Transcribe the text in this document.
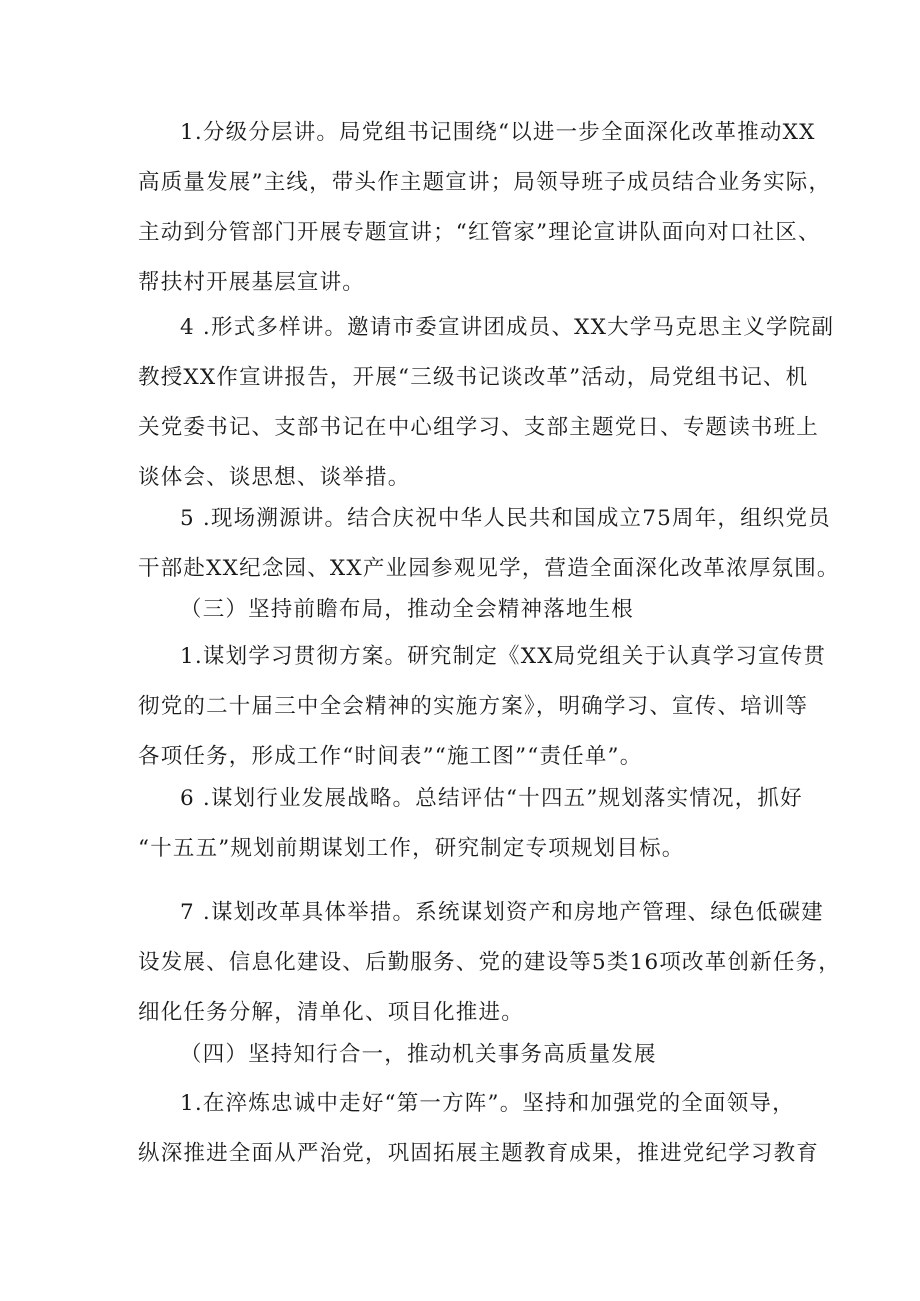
1.分级分层讲。局党组书记围绕“以进一步全面深化改革推动XX
高质量发展”主线，带头作主题宣讲；局领导班子成员结合业务实际，
主动到分管部门开展专题宣讲；“红管家”理论宣讲队面向对口社区、
帮扶村开展基层宣讲。
4 .形式多样讲。邀请市委宣讲团成员、XX大学马克思主义学院副
教授XX作宣讲报告，开展“三级书记谈改革”活动，局党组书记、机
关党委书记、支部书记在中心组学习、支部主题党日、专题读书班上
谈体会、谈思想、谈举措。
5 .现场溯源讲。结合庆祝中华人民共和国成立75周年，组织党员
干部赴XX纪念园、XX产业园参观见学，营造全面深化改革浓厚氛围。
（三）坚持前瞻布局，推动全会精神落地生根
1.谋划学习贯彻方案。研究制定《XX局党组关于认真学习宣传贯
彻党的二十届三中全会精神的实施方案》，明确学习、宣传、培训等
各项任务，形成工作“时间表”“施工图”“责任单”。
6 .谋划行业发展战略。总结评估“十四五”规划落实情况，抓好
“十五五”规划前期谋划工作，研究制定专项规划目标。
7 .谋划改革具体举措。系统谋划资产和房地产管理、绿色低碳建
设发展、信息化建设、后勤服务、党的建设等5类16项改革创新任务，
细化任务分解，清单化、项目化推进。
（四）坚持知行合一，推动机关事务高质量发展
1.在淬炼忠诚中走好“第一方阵”。坚持和加强党的全面领导，
纵深推进全面从严治党，巩固拓展主题教育成果，推进党纪学习教育
